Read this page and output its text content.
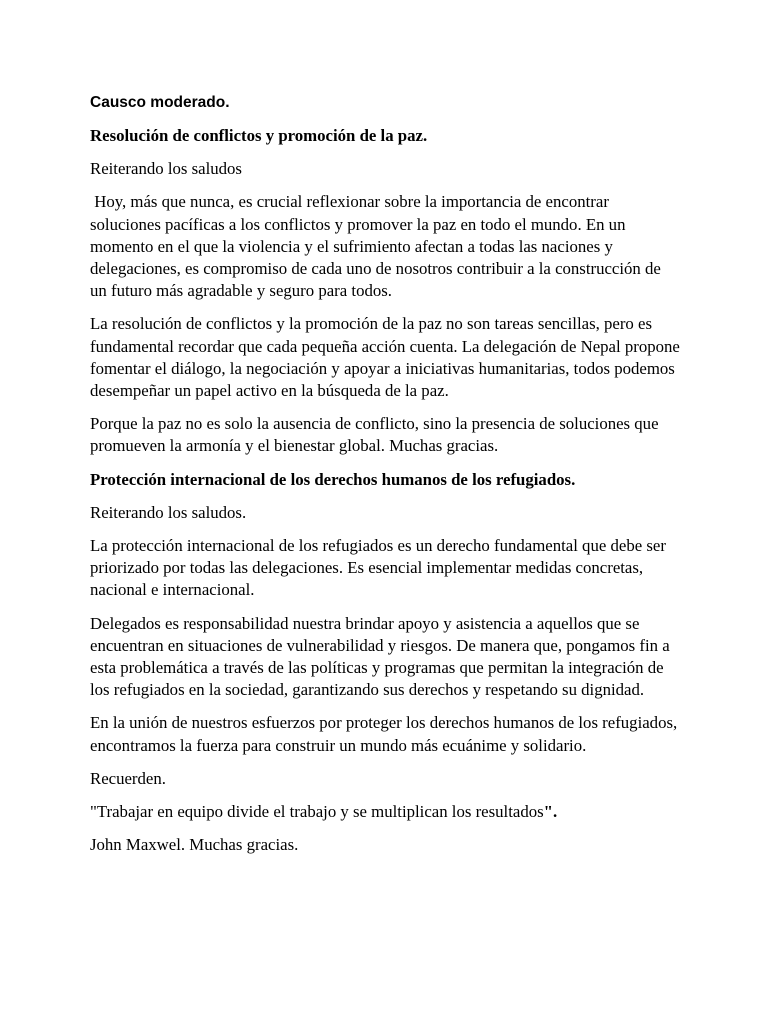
Causco moderado.
Resolución de conflictos y promoción de la paz.

Reiterando los saludos

Hoy, más que nunca, es crucial reflexionar sobre la importancia de encontrar soluciones pacíficas a los conflictos y promover la paz en todo el mundo. En un momento en el que la violencia y el sufrimiento afectan a todas las naciones y delegaciones, es compromiso de cada uno de nosotros contribuir a la construcción de un futuro más agradable y seguro para todos.

La resolución de conflictos y la promoción de la paz no son tareas sencillas, pero es fundamental recordar que cada pequeña acción cuenta. La delegación de Nepal propone fomentar el diálogo, la negociación y apoyar a iniciativas humanitarias, todos podemos desempeñar un papel activo en la búsqueda de la paz.

Porque la paz no es solo la ausencia de conflicto, sino la presencia de soluciones que promueven la armonía y el bienestar global. Muchas gracias.

Protección internacional de los derechos humanos de los refugiados.

Reiterando los saludos.

La protección internacional de los refugiados es un derecho fundamental que debe ser priorizado por todas las delegaciones. Es esencial implementar medidas concretas, nacional e internacional.

Delegados es responsabilidad nuestra brindar apoyo y asistencia a aquellos que se encuentran en situaciones de vulnerabilidad y riesgos. De manera que, pongamos fin a esta problemática a través de las políticas y programas que permitan la integración de los refugiados en la sociedad, garantizando sus derechos y respetando su dignidad.

En la unión de nuestros esfuerzos por proteger los derechos humanos de los refugiados, encontramos la fuerza para construir un mundo más ecuánime y solidario.

Recuerden.

"Trabajar en equipo divide el trabajo y se multiplican los resultados".

John Maxwel. Muchas gracias.
